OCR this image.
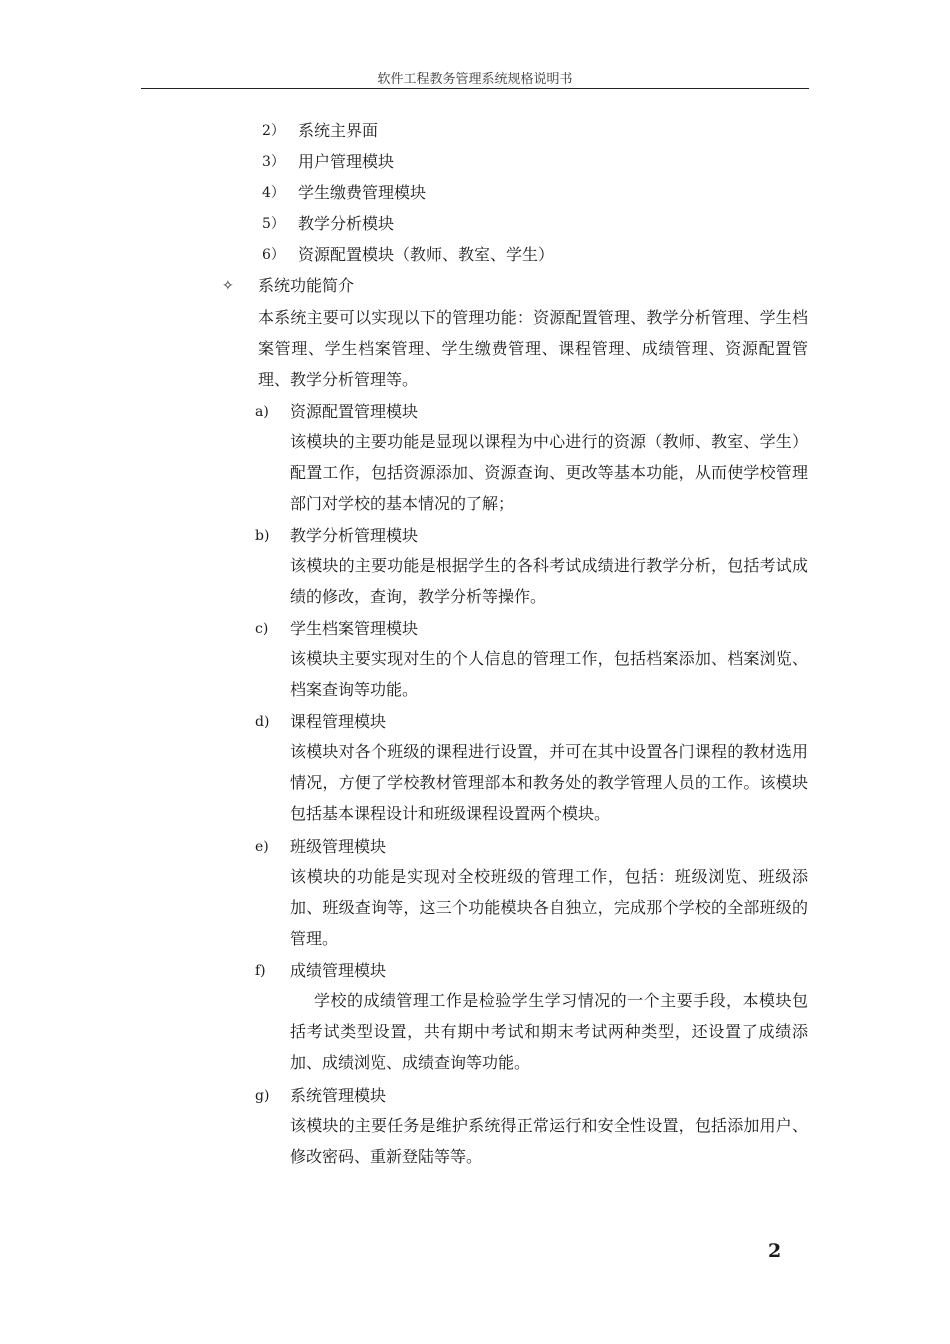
软件工程教务管理系统规格说明书
2） 系统主界面
3） 用户管理模块
4） 学生缴费管理模块
5） 教学分析模块
6） 资源配置模块（教师、教室、学生）
✧ 系统功能简介
本系统主要可以实现以下的管理功能：资源配置管理、教学分析管理、学生档案管理、学生档案管理、学生缴费管理、课程管理、成绩管理、资源配置管理、教学分析管理等。
a) 资源配置管理模块
该模块的主要功能是显现以课程为中心进行的资源（教师、教室、学生）配置工作，包括资源添加、资源查询、更改等基本功能，从而使学校管理部门对学校的基本情况的了解；
b) 教学分析管理模块
该模块的主要功能是根据学生的各科考试成绩进行教学分析，包括考试成绩的修改，查询，教学分析等操作。
c) 学生档案管理模块
该模块主要实现对生的个人信息的管理工作，包括档案添加、档案浏览、档案查询等功能。
d) 课程管理模块
该模块对各个班级的课程进行设置，并可在其中设置各门课程的教材选用情况，方便了学校教材管理部本和教务处的教学管理人员的工作。该模块包括基本课程设计和班级课程设置两个模块。
e) 班级管理模块
该模块的功能是实现对全校班级的管理工作，包括：班级浏览、班级添加、班级查询等，这三个功能模块各自独立，完成那个学校的全部班级的管理。
f) 成绩管理模块
学校的成绩管理工作是检验学生学习情况的一个主要手段，本模块包括考试类型设置，共有期中考试和期末考试两种类型，还设置了成绩添加、成绩浏览、成绩查询等功能。
g) 系统管理模块
该模块的主要任务是维护系统得正常运行和安全性设置，包括添加用户、修改密码、重新登陆等等。
2
